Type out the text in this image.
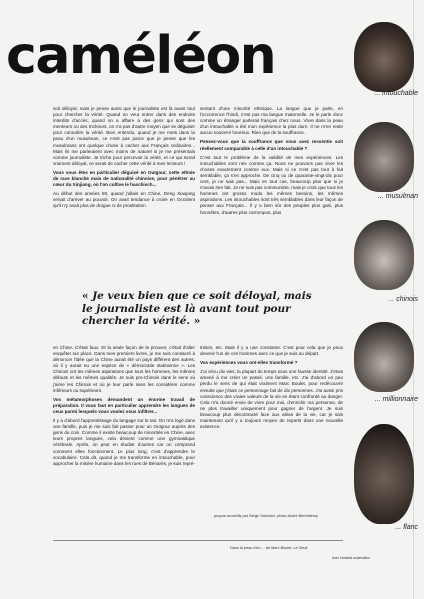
caméléon
... intouchable
... musulman
... chinois
... millionnaire
... flanc

soit déloyal, mais je pense aussi que le journaliste est là avant tout pour chercher la vérité. Quand on veut entrer dans des endroits interdits d'accès, quand on a affaire à des gens qui sont des menteurs ou des tricheurs, on n'a pas d'autre moyen que se déguiser pour connaître la vérité. Bien entendu, quand je me mets dans la peau d'un musulman, ce n'est pas parce que je pense que les musulmans ont quelque chose à cacher aux Français ordinaires... Mais ils me parleraient avec moins de naturel si je me présentais comme journaliste. Je triche pour percevoir la vérité, et ce qui serait vraiment déloyal, ce serait de cacher cette vérité à mes lecteurs !

Vous vous êtes en particulier déguisé en Ouïgour, cette ethnie de race blanche mais de nationalité chinoise, pour pénétrer au cœur du Xinjiang, où l'on cultive le haschisch...

Au début des années 80, quand j'allais en Chine, Deng Xiaoping venait d'arriver au pouvoir. On avait tendance à croire en Occident qu'il n'y avait plus de drogue ni de prostitution

sentant d'une minorité ethnique. La langue que je parle, en l'occurrence l'hindi, n'est pas ma langue maternelle. Je le parle donc comme un étranger parlerait français chez nous. Vivre dans la peau d'un intouchable a été mon expérience la plus dure. Il ne m'en reste aucun souvenir heureux. Rien que de la souffrance.

Pensez-vous que la souffrance que vous avez ressentie soit réellement comparable à celle d'un intouchable ?

C'est tout le problème de la validité de mes expériences. Les intouchables sont nés comme ça. Nous ne pouvons pas vivre les choses exactement comme eux. Mais si ce n'est pas tout à fait semblable, ça s'en approche. De cinq ou de quarante-vingt-dix pour cent, je ne sais pas... Mais en tout cas, beaucoup plus que si je n'avais rien fait. Je ne suis pas communiste, mais je crois que tous les hommes ont grosso modo les mêmes besoins, les mêmes aspirations. Les intouchables sont très semblables dans leur façon de penser aux Français... Il y a bien sûr des peuples plus gais, plus honnêtes, d'autres plus corrompus, plus

« Je veux bien que ce soit déloyal, mais le journaliste est là avant tout pour chercher la vérité. »

en Chine. C'était faux. Et la seule façon de le prouver, c'était d'aller enquêter sur place. Dans mes premiers livres, je me suis consacré à dénoncer l'idée que la Chine aurait été un pays différent des autres, où il y aurait eu une espèce de « démocratie stalinienne ». Les Chinois ont les mêmes aspirations que tous les hommes, les mêmes défauts et les mêmes qualités. Je suis pro-Chinois dans le sens où j'aime les Chinois et où je leur parle sans les considérer comme inférieurs ou supérieurs.

Vos métamorphoses demandent un énorme travail de préparation. Il vous faut en particulier apprendre les langues de ceux parmi lesquels vous voulez vous infiltrer...

Il y a d'abord l'apprentissage du langage sur le tas. On m'a logé dans une famille, puis je me suis fait passer pour un Ouïgour auprès des gens du coin. Comme il existe beaucoup de minorités en Chine, avec leurs propres langues, cela devient comme une gymnastique cérébrale. Après, on peut en étudier d'autres car on comprend comment elles fonctionnent. Le plus long, c'est d'apprendre le vocabulaire. Cela dit, quand je me transforme en intouchable, pour approcher la misère humaine dans les rues de Bénarès, je suis repré-

tristes, etc. Mais il y a une constante. C'est pour cela que je peux devenir l'un de ces hommes avec ce que je suis au départ.

Vos expériences vous ont-elles transformé ?

J'ai vécu dix vies, la plupart du temps sous une fausse identité. J'étais amené à me créer un passé, une famille, etc. J'ai d'abord un peu perdu le sens de qui était vraiment Marc Boulet, pour redécouvrir ensuite que j'étais ce personnage fait de dix personnes. J'ai aussi pris conscience des vraies valeurs de la vie en étant confronté au danger. Cela m'a donné envie de vivre pour moi, d'enrichir ma personne, de ne plus travailler uniquement pour gagner de l'argent. Je suis beaucoup plus décontracté face aux aléas de la vie, car je sais maintenant qu'il y a toujours moyen de repartir dans une nouvelle existence.

propos recueillis par Serge Sanchez, photo André Berthélémy
Dans la peau d'un..., de Marc Boulet, Le Seuil.
Avec l'aimable autorisation
